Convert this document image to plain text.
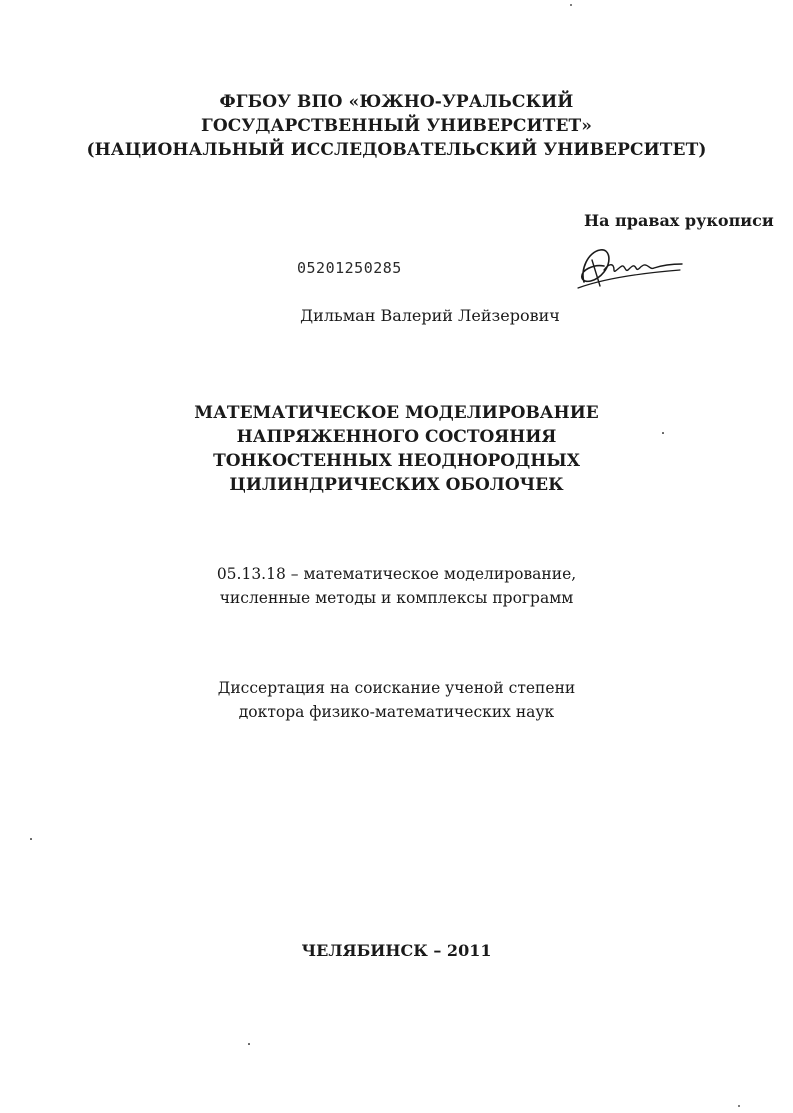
ФГБОУ ВПО «ЮЖНО-УРАЛЬСКИЙ
ГОСУДАРСТВЕННЫЙ УНИВЕРСИТЕТ»
(НАЦИОНАЛЬНЫЙ ИССЛЕДОВАТЕЛЬСКИЙ УНИВЕРСИТЕТ)
На правах рукописи
05201250285
Дильман Валерий Лейзерович
МАТЕМАТИЧЕСКОЕ МОДЕЛИРОВАНИЕ
НАПРЯЖЕННОГО СОСТОЯНИЯ
ТОНКОСТЕННЫХ НЕОДНОРОДНЫХ
ЦИЛИНДРИЧЕСКИХ ОБОЛОЧЕК
05.13.18 – математическое моделирование,
численные методы и комплексы программ
Диссертация на соискание ученой степени
доктора физико-математических наук
ЧЕЛЯБИНСК – 2011
